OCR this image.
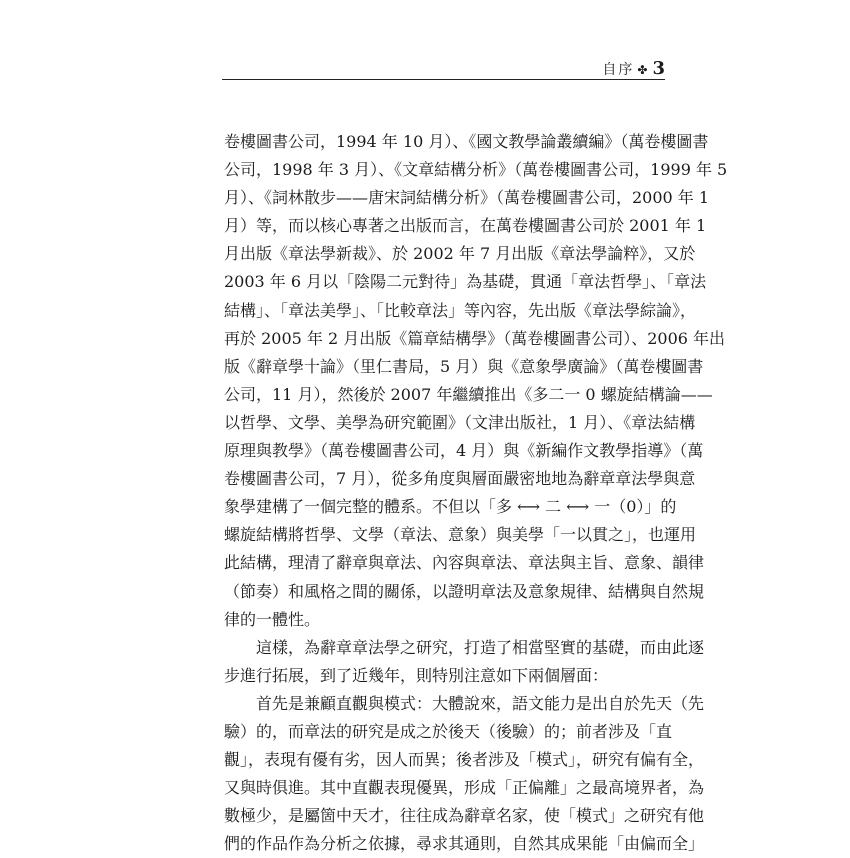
自序 ✤ 3
卷樓圖書公司，1994 年 10 月）、《國文教學論叢續編》（萬卷樓圖書
公司，1998 年 3 月）、《文章結構分析》（萬卷樓圖書公司，1999 年 5
月）、《詞林散步——唐宋詞結構分析》（萬卷樓圖書公司，2000 年 1
月）等，而以核心專著之出版而言，在萬卷樓圖書公司於 2001 年 1
月出版《章法學新裁》、於 2002 年 7 月出版《章法學論粹》，又於
2003 年 6 月以「陰陽二元對待」為基礎，貫通「章法哲學」、「章法
結構」、「章法美學」、「比較章法」等內容，先出版《章法學綜論》，
再於 2005 年 2 月出版《篇章結構學》（萬卷樓圖書公司）、2006 年出
版《辭章學十論》（里仁書局，5 月）與《意象學廣論》（萬卷樓圖書
公司，11 月），然後於 2007 年繼續推出《多二一 0 螺旋結構論——
以哲學、文學、美學為研究範圍》（文津出版社，1 月）、《章法結構
原理與教學》（萬卷樓圖書公司，4 月）與《新編作文教學指導》（萬
卷樓圖書公司，7 月），從多角度與層面嚴密地地為辭章章法學與意
象學建構了一個完整的體系。不但以「多 ⟷ 二 ⟷ 一（0）」的
螺旋結構將哲學、文學（章法、意象）與美學「一以貫之」，也運用
此結構，理清了辭章與章法、內容與章法、章法與主旨、意象、韻律
（節奏）和風格之間的關係，以證明章法及意象規律、結構與自然規
律的一體性。
這樣，為辭章章法學之研究，打造了相當堅實的基礎，而由此逐
步進行拓展，到了近幾年，則特別注意如下兩個層面：
首先是兼顧直觀與模式：大體說來，語文能力是出自於先天（先
驗）的，而章法的研究是成之於後天（後驗）的；前者涉及「直
觀」，表現有優有劣，因人而異；後者涉及「模式」，研究有偏有全，
又與時俱進。其中直觀表現優異，形成「正偏離」之最高境界者，為
數極少，是屬箇中天才，往往成為辭章名家，使「模式」之研究有他
們的作品作為分析之依據，尋求其通則，自然其成果能「由偏而全」
